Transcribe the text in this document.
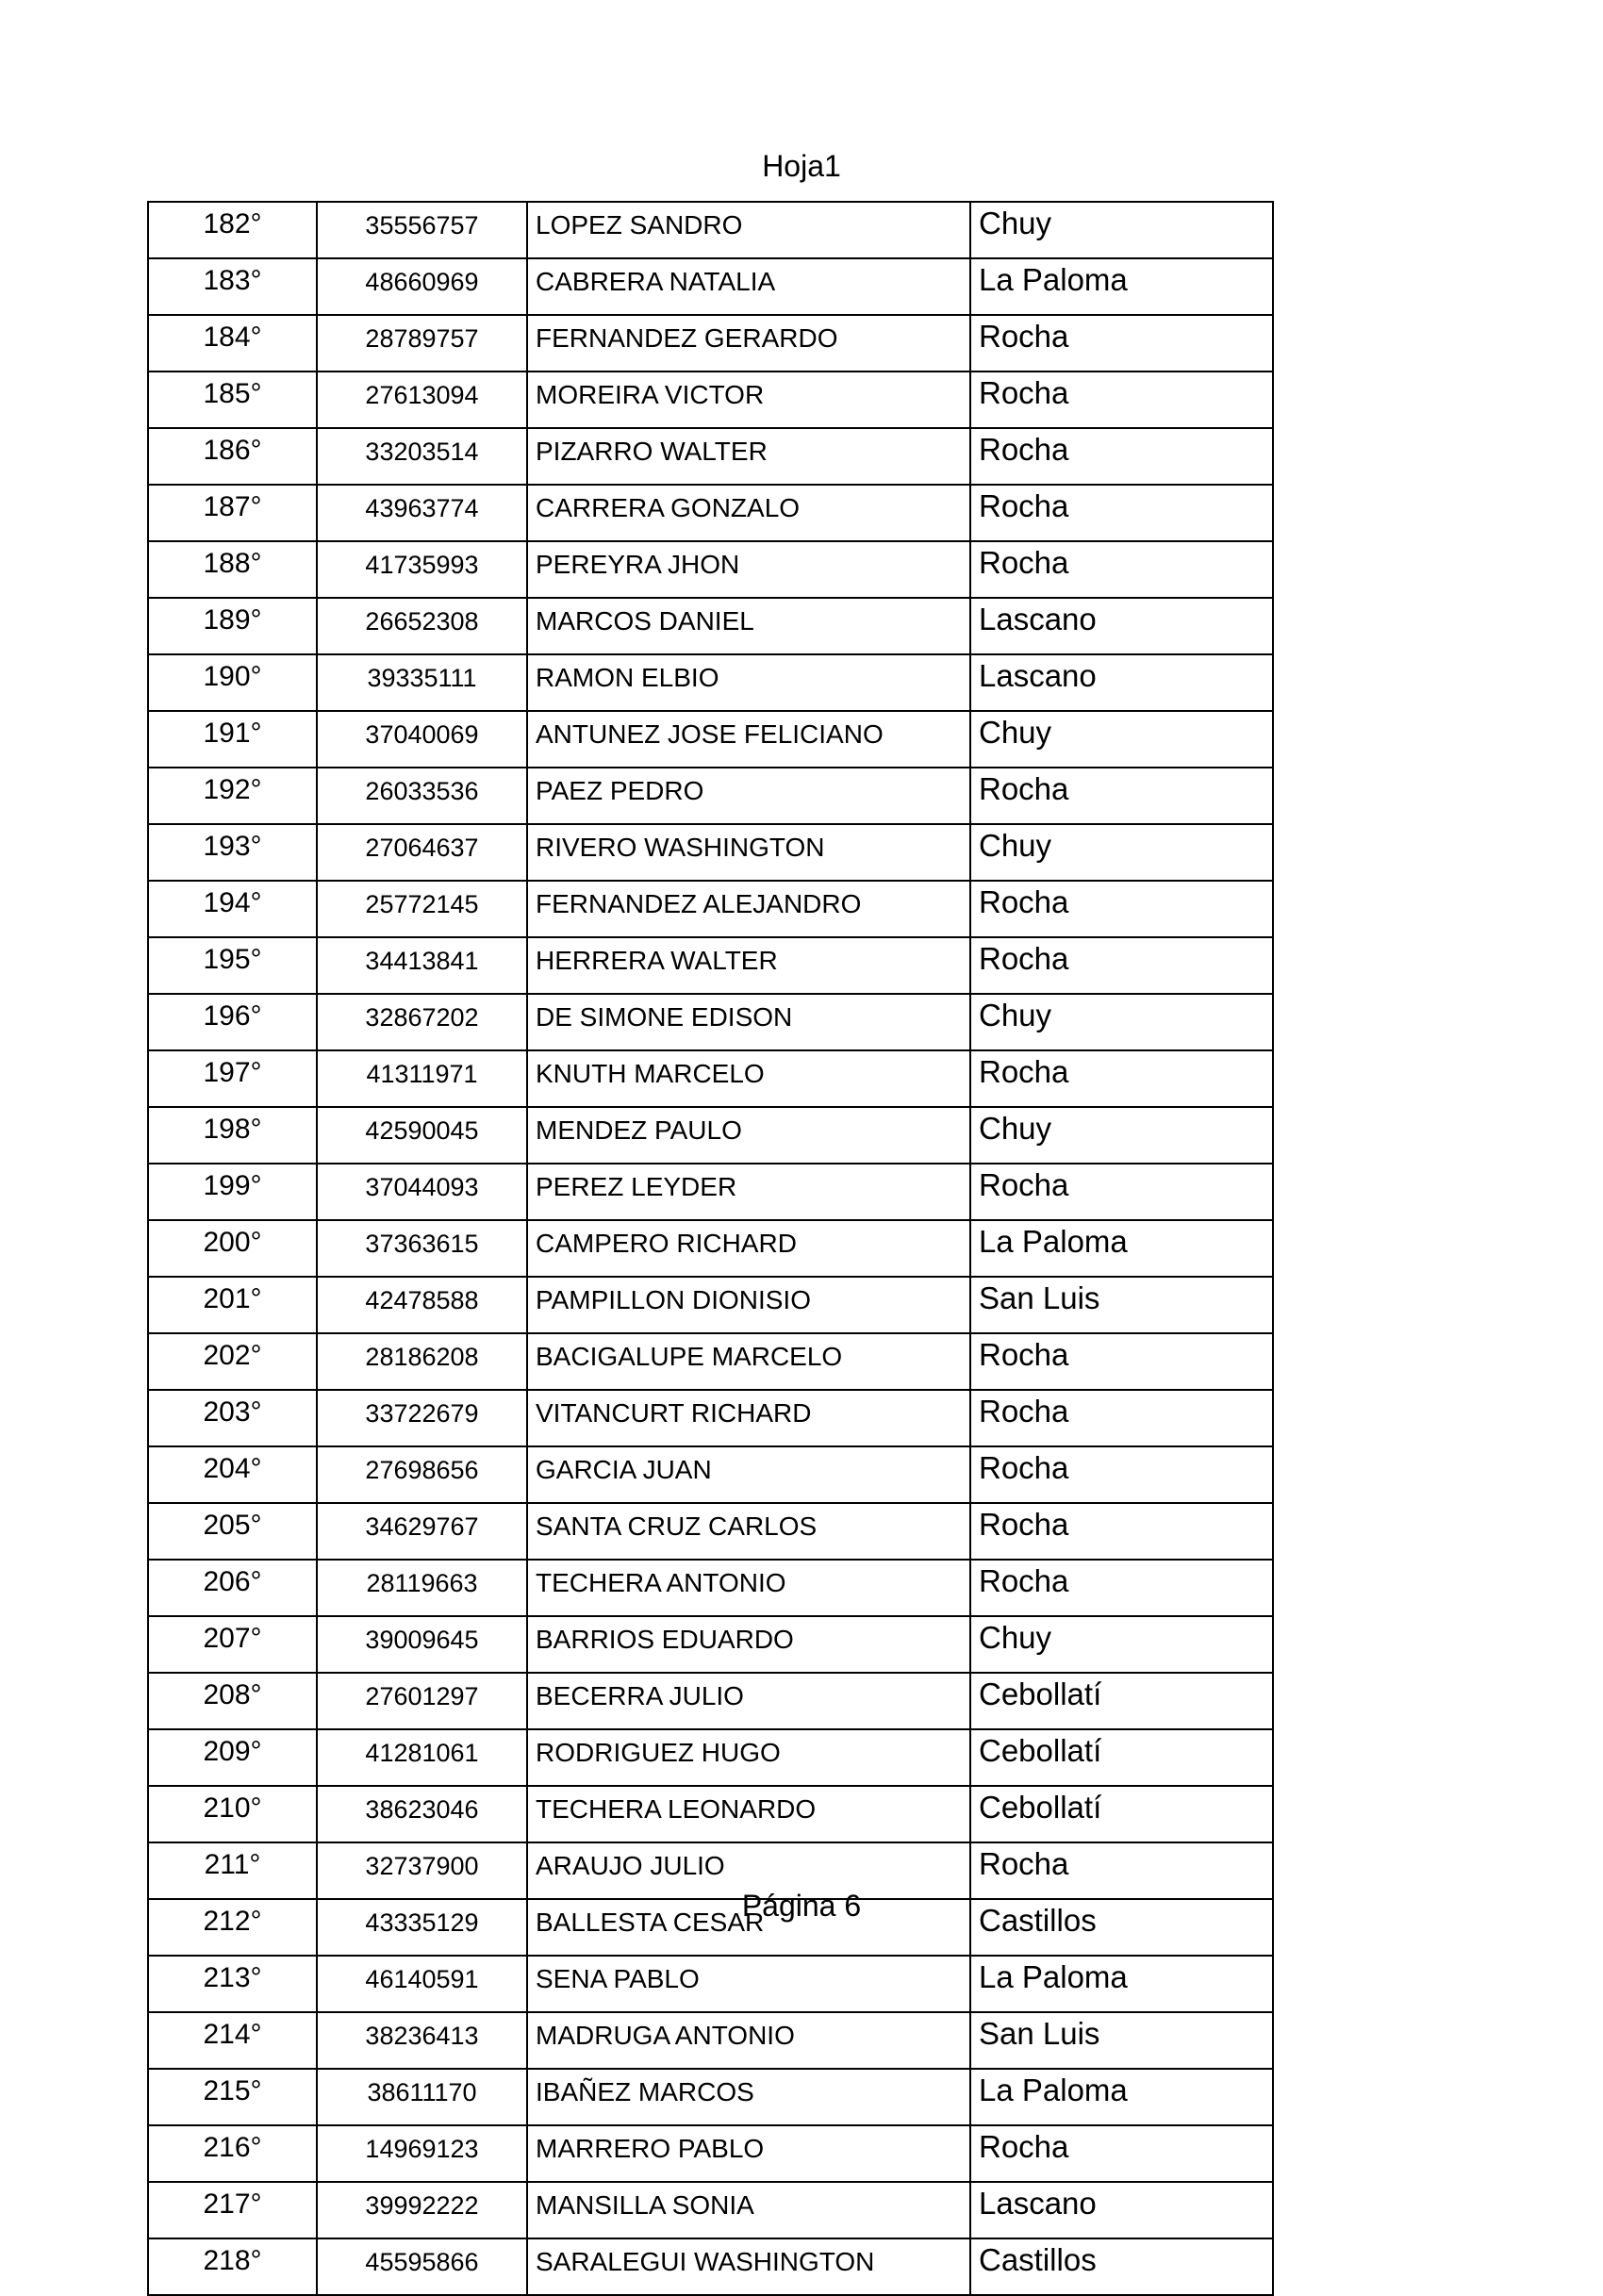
Hoja1
182°	35556757	LOPEZ SANDRO	Chuy
183°	48660969	CABRERA NATALIA	La Paloma
184°	28789757	FERNANDEZ GERARDO	Rocha
185°	27613094	MOREIRA VICTOR	Rocha
186°	33203514	PIZARRO WALTER	Rocha
187°	43963774	CARRERA GONZALO	Rocha
188°	41735993	PEREYRA JHON	Rocha
189°	26652308	MARCOS DANIEL	Lascano
190°	39335111	RAMON ELBIO	Lascano
191°	37040069	ANTUNEZ JOSE FELICIANO	Chuy
192°	26033536	PAEZ PEDRO	Rocha
193°	27064637	RIVERO WASHINGTON	Chuy
194°	25772145	FERNANDEZ ALEJANDRO	Rocha
195°	34413841	HERRERA WALTER	Rocha
196°	32867202	DE SIMONE EDISON	Chuy
197°	41311971	KNUTH MARCELO	Rocha
198°	42590045	MENDEZ PAULO	Chuy
199°	37044093	PEREZ LEYDER	Rocha
200°	37363615	CAMPERO RICHARD	La Paloma
201°	42478588	PAMPILLON DIONISIO	San Luis
202°	28186208	BACIGALUPE MARCELO	Rocha
203°	33722679	VITANCURT RICHARD	Rocha
204°	27698656	GARCIA JUAN	Rocha
205°	34629767	SANTA CRUZ CARLOS	Rocha
206°	28119663	TECHERA ANTONIO	Rocha
207°	39009645	BARRIOS EDUARDO	Chuy
208°	27601297	BECERRA JULIO	Cebollatí
209°	41281061	RODRIGUEZ HUGO	Cebollatí
210°	38623046	TECHERA LEONARDO	Cebollatí
211°	32737900	ARAUJO JULIO	Rocha
212°	43335129	BALLESTA CESAR	Castillos
213°	46140591	SENA PABLO	La Paloma
214°	38236413	MADRUGA ANTONIO	San Luis
215°	38611170	IBAÑEZ MARCOS	La Paloma
216°	14969123	MARRERO PABLO	Rocha
217°	39992222	MANSILLA SONIA	Lascano
218°	45595866	SARALEGUI WASHINGTON	Castillos
Página 6
